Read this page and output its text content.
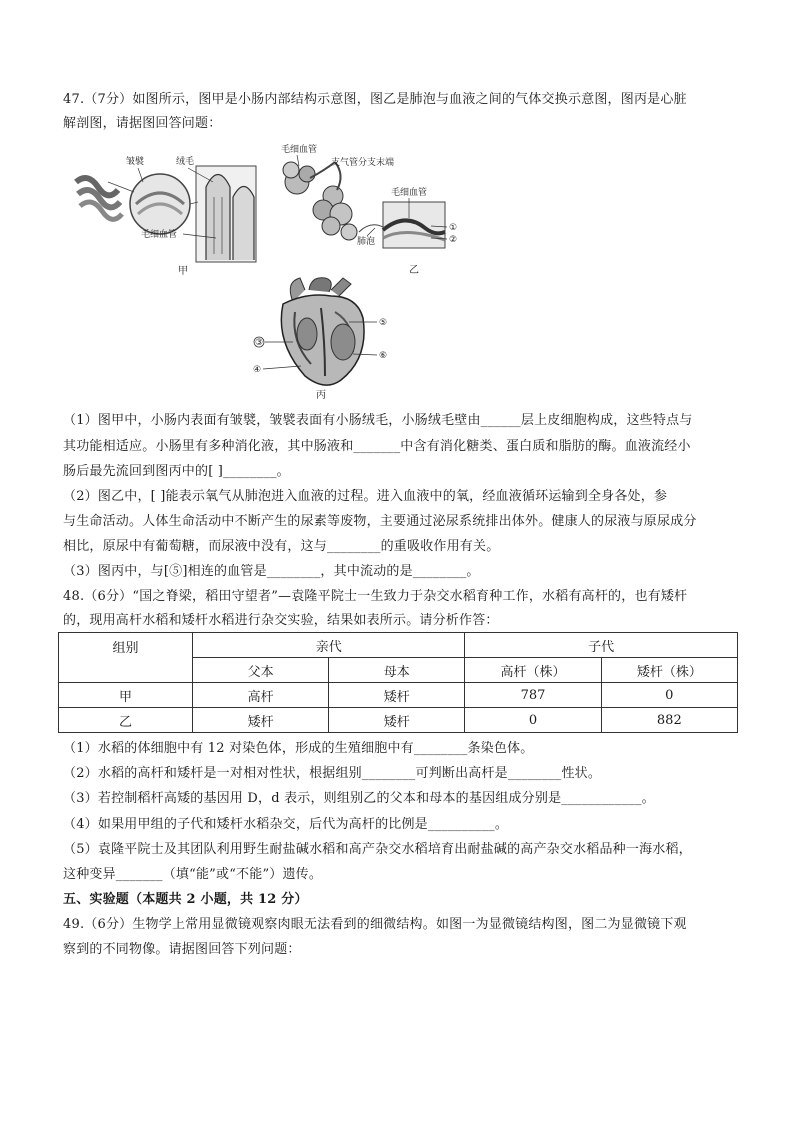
47.（7分）如图所示，图甲是小肠内部结构示意图，图乙是肺泡与血液之间的气体交换示意图，图丙是心脏
解剖图，请据图回答问题：
皱襞	绒毛
毛细血管
甲
毛细血管
支气管分支末端
毛细血管
肺泡
①
②
乙
③
④
⑤
⑥
丙
（1）图甲中，小肠内表面有皱襞，皱襞表面有小肠绒毛，小肠绒毛壁由______层上皮细胞构成，这些特点与
其功能相适应。小肠里有多种消化液，其中肠液和_______中含有消化糖类、蛋白质和脂肪的酶。血液流经小
肠后最先流回到图丙中的[ ]________。
（2）图乙中，[ ]能表示氧气从肺泡进入血液的过程。进入血液中的氧，经血液循环运输到全身各处，参
与生命活动。人体生命活动中不断产生的尿素等废物，主要通过泌尿系统排出体外。健康人的尿液与原尿成分
相比，原尿中有葡萄糖，而尿液中没有，这与________的重吸收作用有关。
（3）图丙中，与[⑤]相连的血管是________，其中流动的是________。
48.（6分）“国之脊梁，稻田守望者”—袁隆平院士一生致力于杂交水稻育种工作，水稻有高杆的，也有矮杆
的，现用高杆水稻和矮杆水稻进行杂交实验，结果如表所示。请分析作答：
组别	亲代		子代	
	父本	母本	高杆（株）	矮杆（株）
甲	高杆	矮杆	787	0
乙	矮杆	矮杆	0	882
（1）水稻的体细胞中有 12 对染色体，形成的生殖细胞中有________条染色体。
（2）水稻的高杆和矮杆是一对相对性状，根据组别________可判断出高杆是________性状。
（3）若控制稻杆高矮的基因用 D，d 表示，则组别乙的父本和母本的基因组成分别是____________。
（4）如果用甲组的子代和矮杆水稻杂交，后代为高杆的比例是__________。
（5）袁隆平院士及其团队利用野生耐盐碱水稻和高产杂交水稻培育出耐盐碱的高产杂交水稻品种一海水稻，
这种变异_______（填“能”或“不能”）遗传。
五、实验题（本题共 2 小题，共 12 分）
49.（6分）生物学上常用显微镜观察肉眼无法看到的细微结构。如图一为显微镜结构图，图二为显微镜下观
察到的不同物像。请据图回答下列问题：
